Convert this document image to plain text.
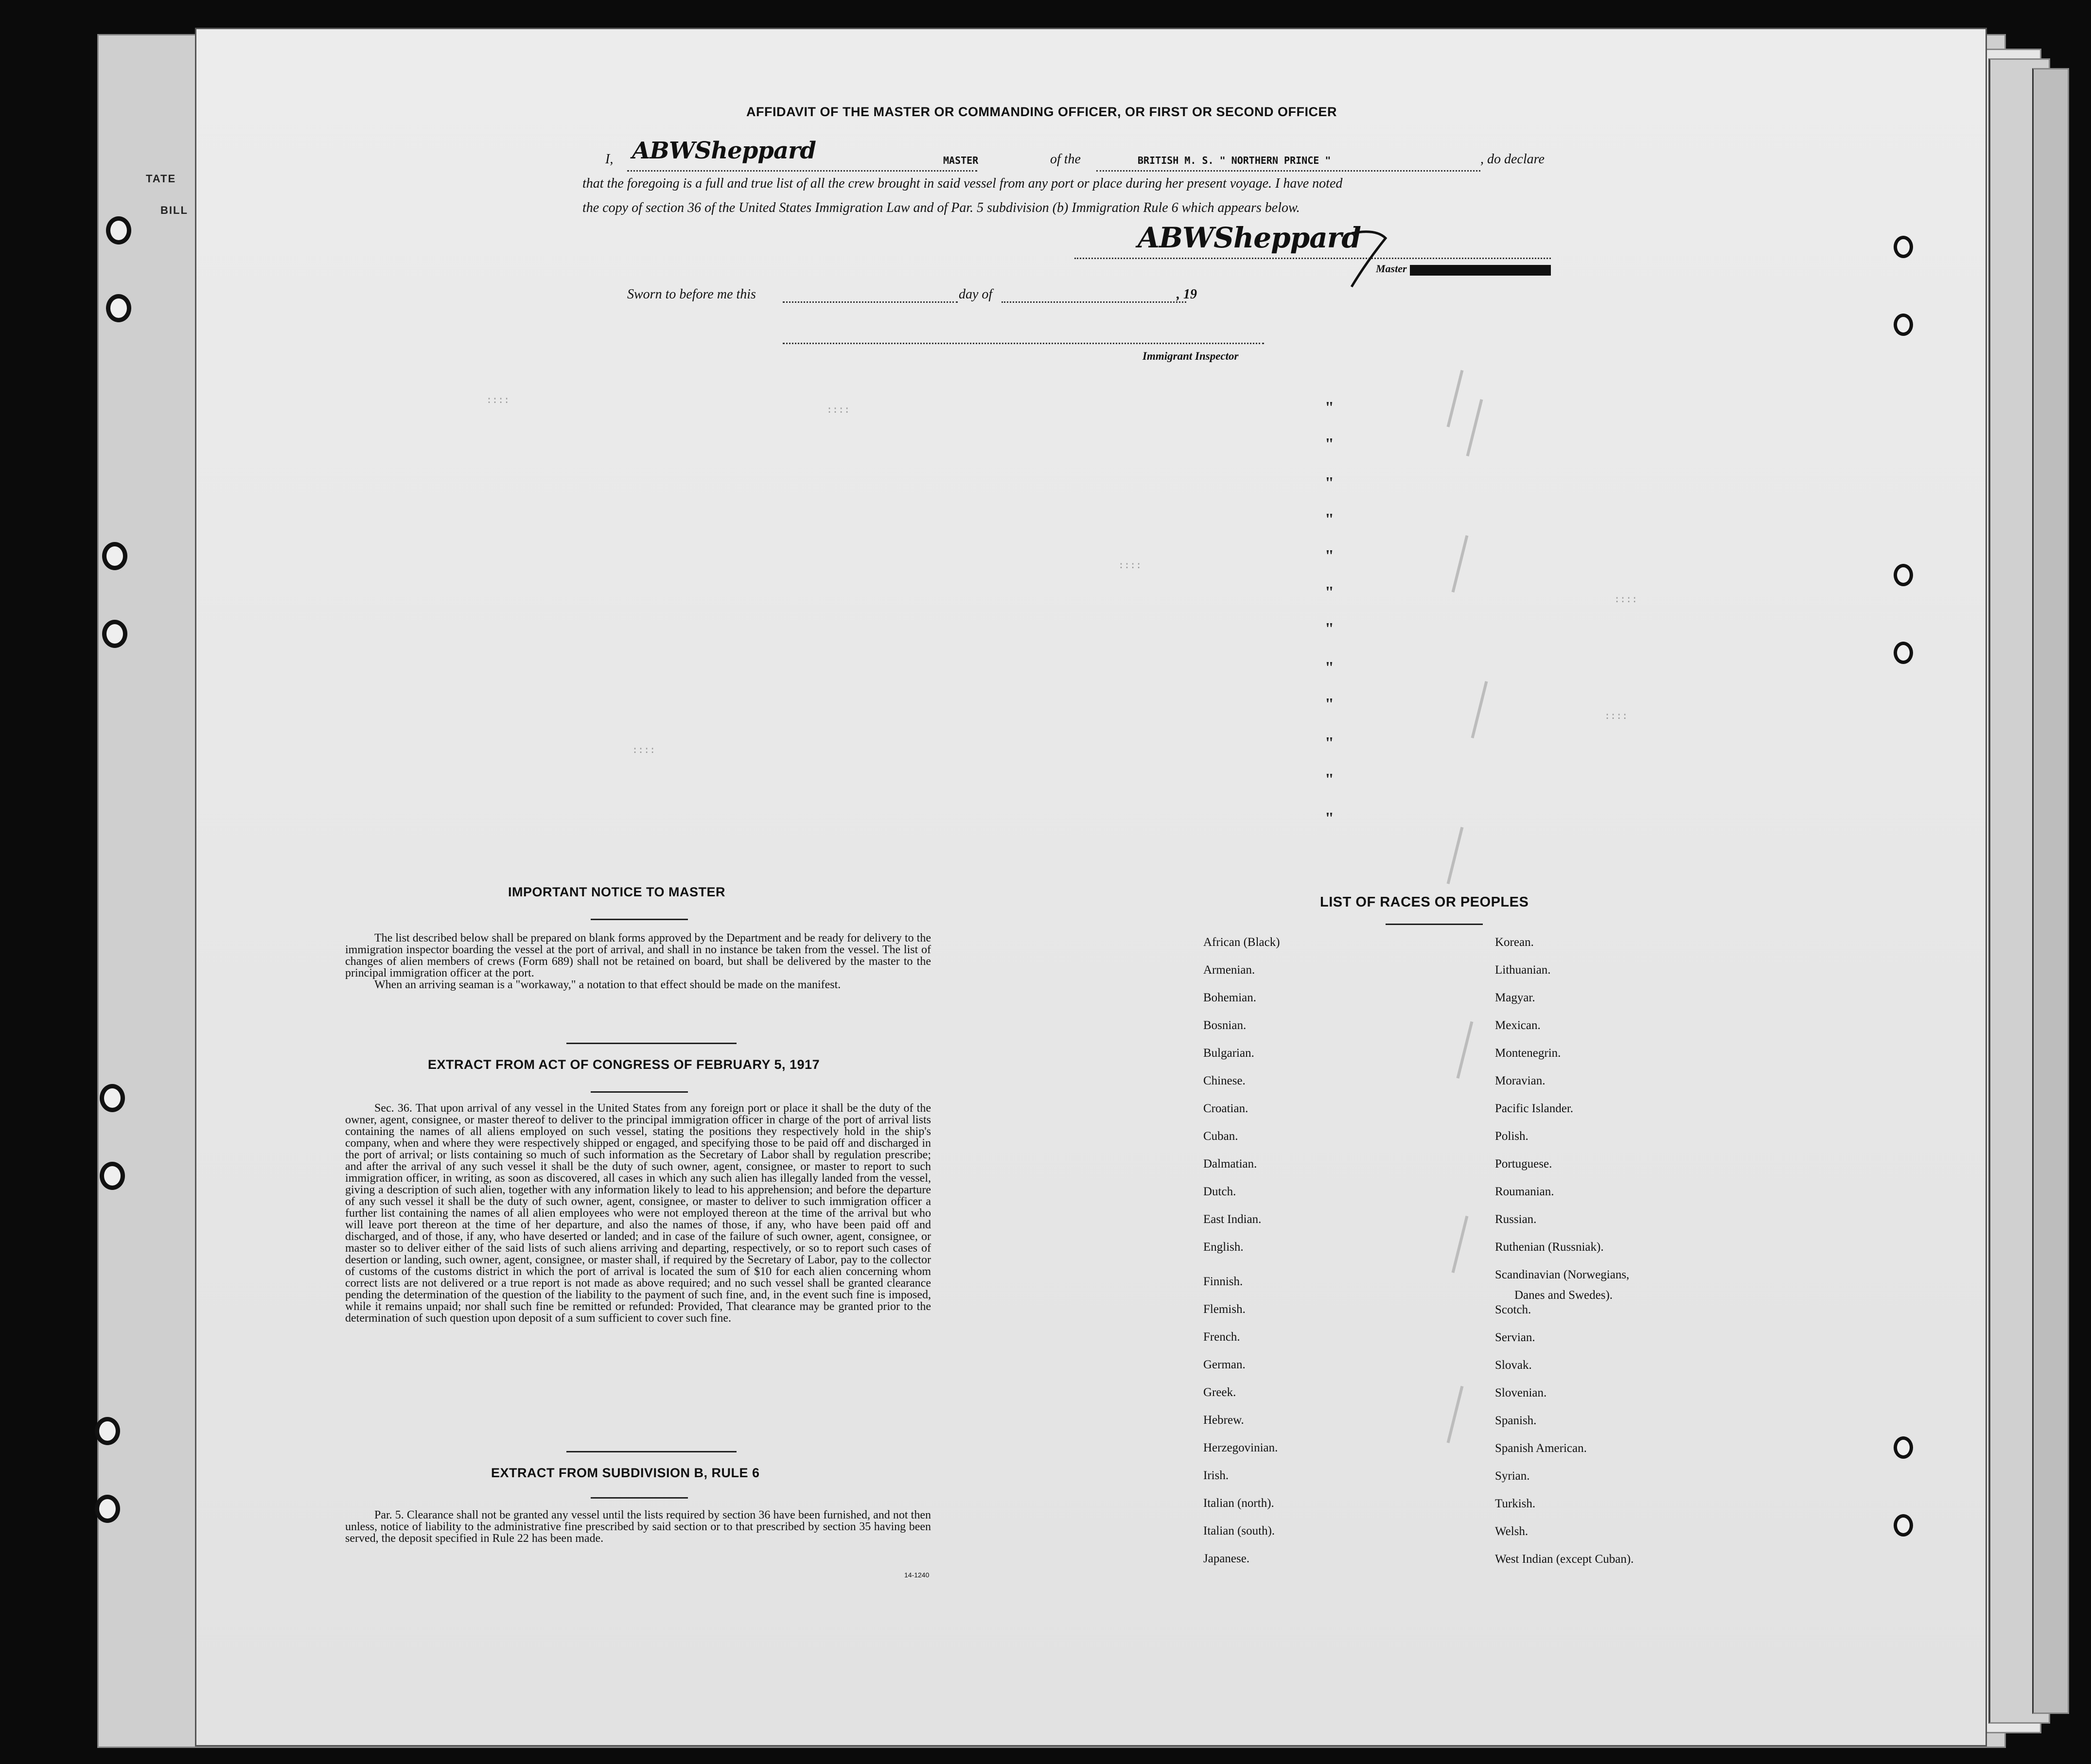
TATE
BILL
AFFIDAVIT OF THE MASTER OR COMMANDING OFFICER, OR FIRST OR SECOND OFFICER
I, ABWSheppard	MASTER	of the	BRITISH M. S. " NORTHERN PRINCE "	, do declare
that the foregoing is a full and true list of all the crew brought in said vessel from any port or place during her present voyage. I have noted
the copy of section 36 of the United States Immigration Law and of Par. 5 subdivision (b) Immigration Rule 6 which appears below.
ABWSheppard
Master
Sworn to before me this	day of	, 19
Immigrant Inspector
::::
::::
::::
::::
::::
::::
"
"
"
"
"
"
"
"
"
"
"
"
IMPORTANT NOTICE TO MASTER

The list described below shall be prepared on blank forms approved by the Department and be ready for delivery to the immigration inspector boarding the vessel at the port of arrival, and shall in no instance be taken from the vessel. The list of changes of alien members of crews (Form 689) shall not be retained on board, but shall be delivered by the master to the principal immigration officer at the port.

When an arriving seaman is a "workaway," a notation to that effect should be made on the manifest.

EXTRACT FROM ACT OF CONGRESS OF FEBRUARY 5, 1917

Sec. 36. That upon arrival of any vessel in the United States from any foreign port or place it shall be the duty of the owner, agent, consignee, or master thereof to deliver to the principal immigration officer in charge of the port of arrival lists containing the names of all aliens employed on such vessel, stating the positions they respectively hold in the ship's company, when and where they were respectively shipped or engaged, and specifying those to be paid off and discharged in the port of arrival; or lists containing so much of such information as the Secretary of Labor shall by regulation prescribe; and after the arrival of any such vessel it shall be the duty of such owner, agent, consignee, or master to report to such immigration officer, in writing, as soon as discovered, all cases in which any such alien has illegally landed from the vessel, giving a description of such alien, together with any information likely to lead to his apprehension; and before the departure of any such vessel it shall be the duty of such owner, agent, consignee, or master to deliver to such immigration officer a further list containing the names of all alien employees who were not employed thereon at the time of the arrival but who will leave port thereon at the time of her departure, and also the names of those, if any, who have been paid off and discharged, and of those, if any, who have deserted or landed; and in case of the failure of such owner, agent, consignee, or master so to deliver either of the said lists of such aliens arriving and departing, respectively, or so to report such cases of desertion or landing, such owner, agent, consignee, or master shall, if required by the Secretary of Labor, pay to the collector of customs of the customs district in which the port of arrival is located the sum of $10 for each alien concerning whom correct lists are not delivered or a true report is not made as above required; and no such vessel shall be granted clearance pending the determination of the question of the liability to the payment of such fine, and, in the event such fine is imposed, while it remains unpaid; nor shall such fine be remitted or refunded: Provided, That clearance may be granted prior to the determination of such question upon deposit of a sum sufficient to cover such fine.

EXTRACT FROM SUBDIVISION B, RULE 6

Par. 5. Clearance shall not be granted any vessel until the lists required by section 36 have been furnished, and not then unless, notice of liability to the administrative fine prescribed by said section or to that prescribed by section 35 having been served, the deposit specified in Rule 22 has been made.

14-1240
LIST OF RACES OR PEOPLES
African (Black)
Armenian.
Bohemian.
Bosnian.
Bulgarian.
Chinese.
Croatian.
Cuban.
Dalmatian.
Dutch.
East Indian.
English.
Finnish.
Flemish.
French.
German.
Greek.
Hebrew.
Herzegovinian.
Irish.
Italian (north).
Italian (south).
Japanese.
Korean.
Lithuanian.
Magyar.
Mexican.
Montenegrin.
Moravian.
Pacific Islander.
Polish.
Portuguese.
Roumanian.
Russian.
Ruthenian (Russniak).
Scandinavian (Norwegians,
Danes and Swedes).
Scotch.
Servian.
Slovak.
Slovenian.
Spanish.
Spanish American.
Syrian.
Turkish.
Welsh.
West Indian (except Cuban).
